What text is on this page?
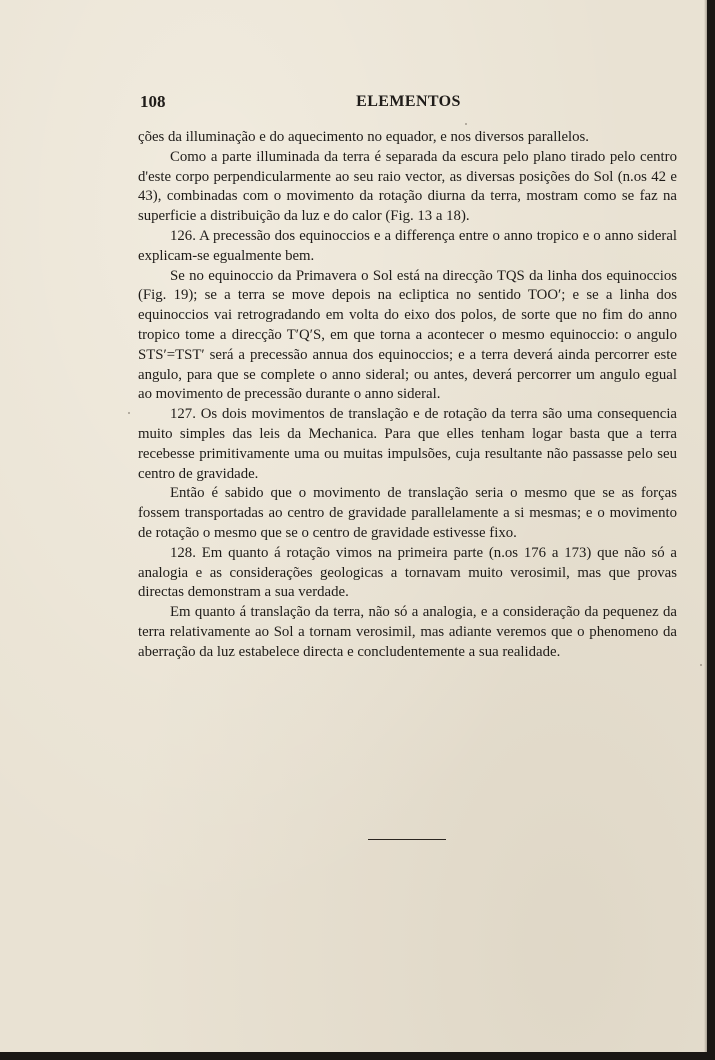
108	ELEMENTOS

ções da illuminação e do aquecimento no equador, e nos diversos parallelos.

Como a parte illuminada da terra é separada da escura pelo plano tirado pelo centro d'este corpo perpendicularmente ao seu raio vector, as diversas posições do Sol (n.os 42 e 43), combinadas com o movimento da rotação diurna da terra, mostram como se faz na superficie a distribuição da luz e do calor (Fig. 13 a 18).

126. A precessão dos equinoccios e a differença entre o anno tropico e o anno sideral explicam-se egualmente bem.

Se no equinoccio da Primavera o Sol está na direcção TQS da linha dos equinoccios (Fig. 19); se a terra se move depois na ecliptica no sentido TOO′; e se a linha dos equinoccios vai retrogradando em volta do eixo dos polos, de sorte que no fim do anno tropico tome a direcção T′Q′S, em que torna a acontecer o mesmo equinoccio: o angulo STS′=TST′ será a precessão annua dos equinoccios; e a terra deverá ainda percorrer este angulo, para que se complete o anno sideral; ou antes, deverá percorrer um angulo egual ao movimento de precessão durante o anno sideral.

127. Os dois movimentos de translação e de rotação da terra são uma consequencia muito simples das leis da Mechanica. Para que elles tenham logar basta que a terra recebesse primitivamente uma ou muitas impulsões, cuja resultante não passasse pelo seu centro de gravidade.

Então é sabido que o movimento de translação seria o mesmo que se as forças fossem transportadas ao centro de gravidade parallelamente a si mesmas; e o movimento de rotação o mesmo que se o centro de gravidade estivesse fixo.

128. Em quanto á rotação vimos na primeira parte (n.os 176 a 173) que não só a analogia e as considerações geologicas a tornavam muito verosimil, mas que provas directas demonstram a sua verdade.

Em quanto á translação da terra, não só a analogia, e a consideração da pequenez da terra relativamente ao Sol a tornam verosimil, mas adiante veremos que o phenomeno da aberração da luz estabelece directa e concludentemente a sua realidade.
